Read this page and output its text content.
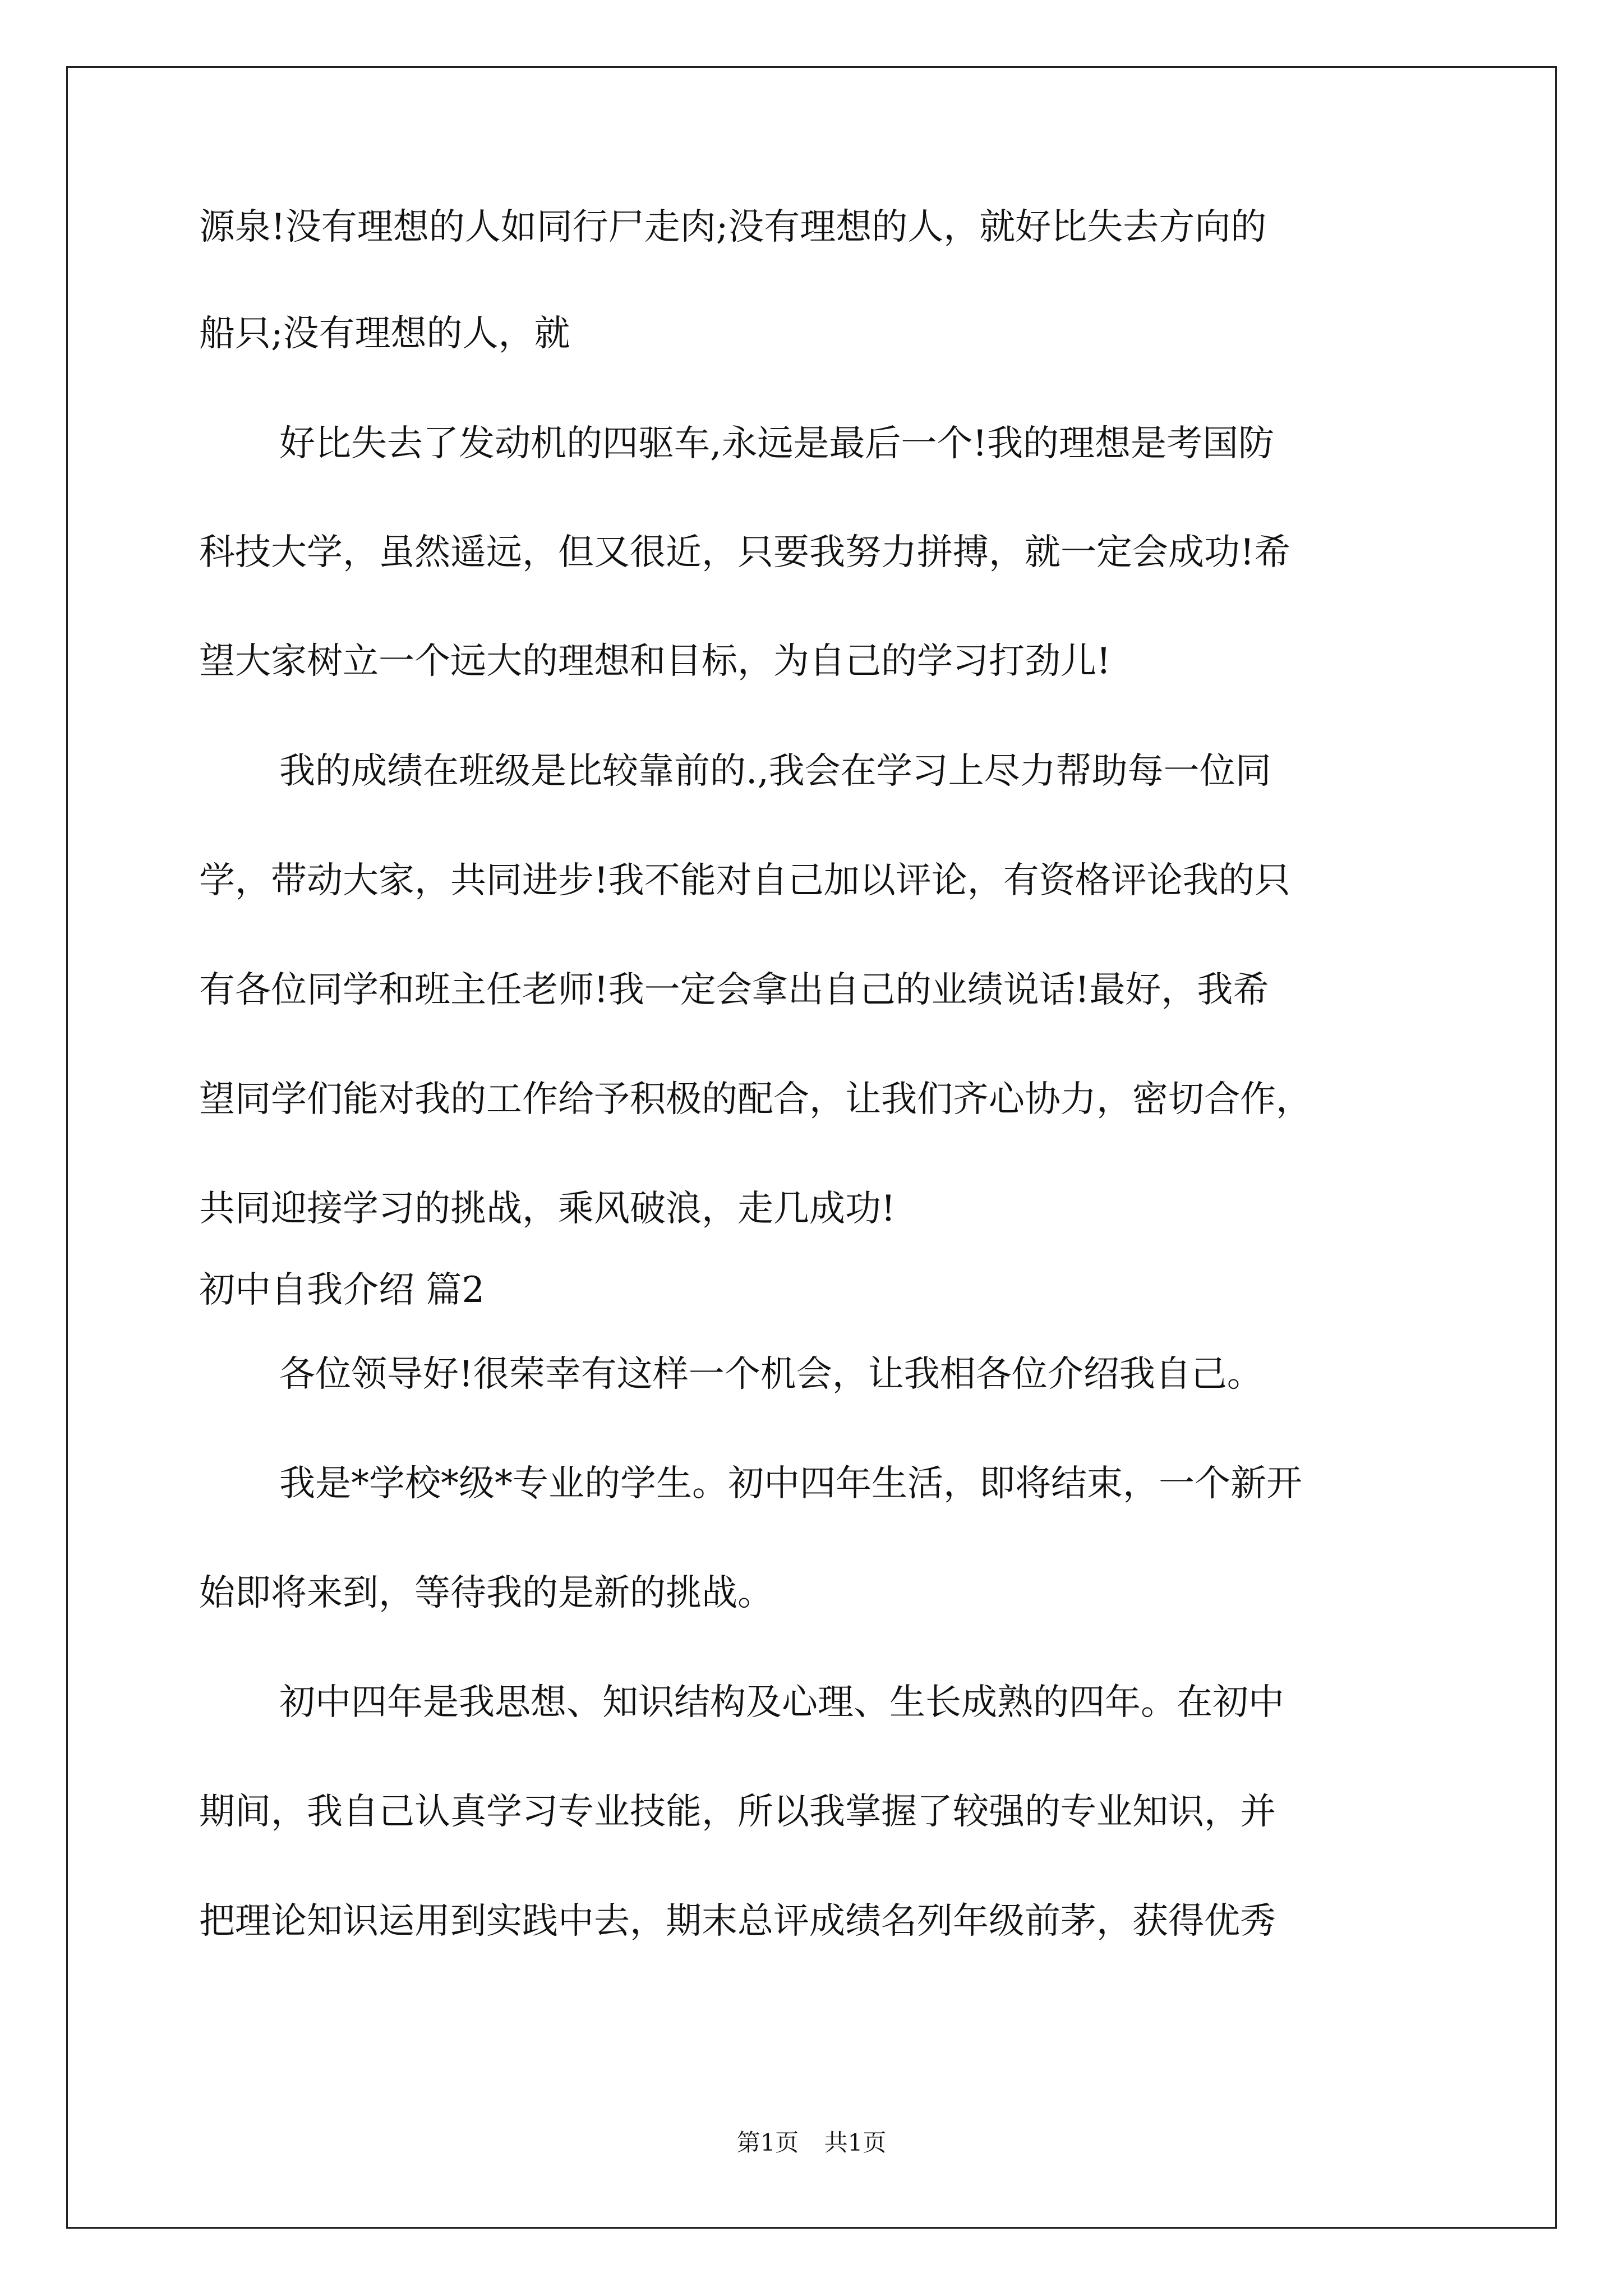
源泉!没有理想的人如同行尸走肉;没有理想的人，就好比失去方向的
船只;没有理想的人，就
好比失去了发动机的四驱车,永远是最后一个!我的理想是考国防
科技大学，虽然遥远，但又很近，只要我努力拼搏，就一定会成功!希
望大家树立一个远大的理想和目标，为自己的学习打劲儿!
我的成绩在班级是比较靠前的.,我会在学习上尽力帮助每一位同
学，带动大家，共同进步!我不能对自己加以评论，有资格评论我的只
有各位同学和班主任老师!我一定会拿出自己的业绩说话!最好，我希
望同学们能对我的工作给予积极的配合，让我们齐心协力，密切合作，
共同迎接学习的挑战，乘风破浪，走几成功!
初中自我介绍 篇2
各位领导好!很荣幸有这样一个机会，让我相各位介绍我自己。
我是*学校*级*专业的学生。初中四年生活，即将结束，一个新开
始即将来到，等待我的是新的挑战。
初中四年是我思想、知识结构及心理、生长成熟的四年。在初中
期间，我自己认真学习专业技能，所以我掌握了较强的专业知识，并
把理论知识运用到实践中去，期末总评成绩名列年级前茅，获得优秀
第1页 共1页
